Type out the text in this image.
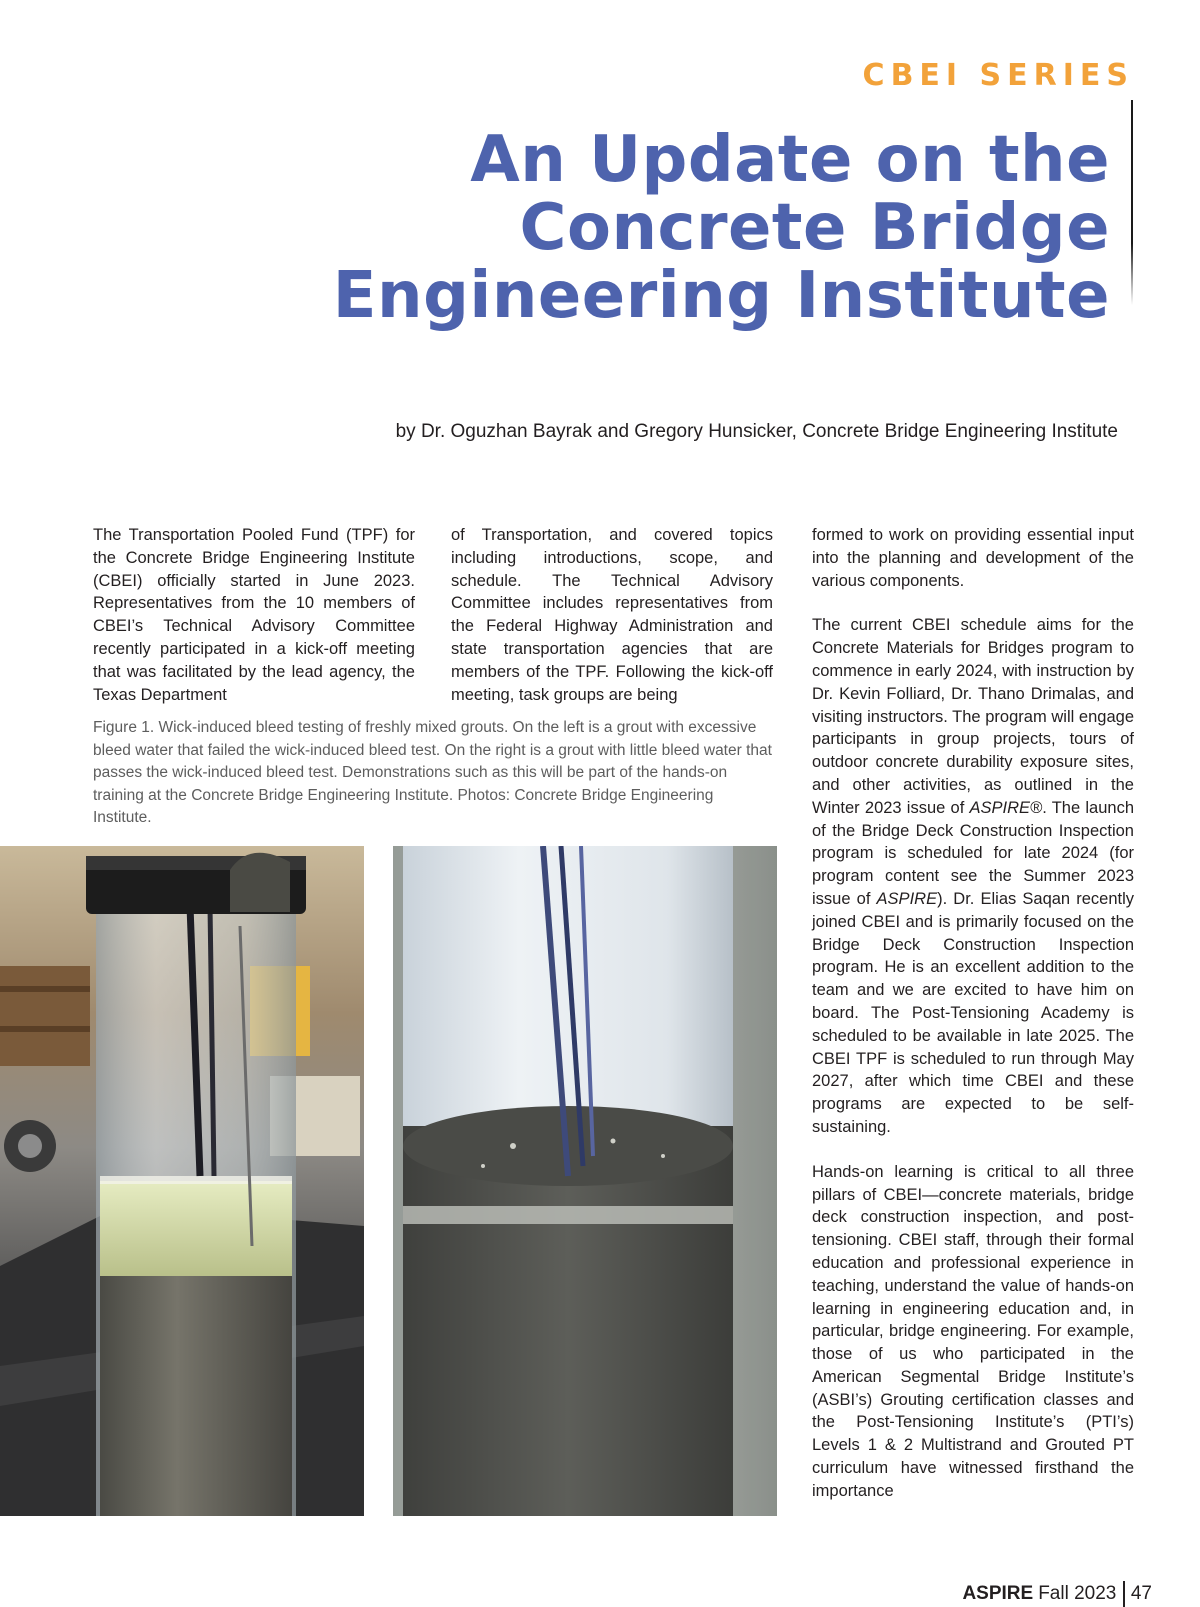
CBEI SERIES
An Update on the
Concrete Bridge
Engineering Institute
by Dr. Oguzhan Bayrak and Gregory Hunsicker, Concrete Bridge Engineering Institute

The Transportation Pooled Fund (TPF) for the Concrete Bridge Engineering Institute (CBEI) officially started in June 2023. Representatives from the 10 members of CBEI’s Technical Advisory Committee recently participated in a kick-off meeting that was facilitated by the lead agency, the Texas Department

of Transportation, and covered topics including introductions, scope, and schedule. The Technical Advisory Committee includes representatives from the Federal Highway Administration and state transportation agencies that are members of the TPF. Following the kick-off meeting, task groups are being

formed to work on providing essential input into the planning and development of the various components.

The current CBEI schedule aims for the Concrete Materials for Bridges program to commence in early 2024, with instruction by Dr. Kevin Folliard, Dr. Thano Drimalas, and visiting instructors. The program will engage participants in group projects, tours of outdoor concrete durability exposure sites, and other activities, as outlined in the Winter 2023 issue of ASPIRE®. The launch of the Bridge Deck Construction Inspection program is scheduled for late 2024 (for program content see the Summer 2023 issue of ASPIRE). Dr. Elias Saqan recently joined CBEI and is primarily focused on the Bridge Deck Construction Inspection program. He is an excellent addition to the team and we are excited to have him on board. The Post-Tensioning Academy is scheduled to be available in late 2025. The CBEI TPF is scheduled to run through May 2027, after which time CBEI and these programs are expected to be self-sustaining.

Hands-on learning is critical to all three pillars of CBEI—concrete materials, bridge deck construction inspection, and post-tensioning. CBEI staff, through their formal education and professional experience in teaching, understand the value of hands-on learning in engineering education and, in particular, bridge engineering. For example, those of us who participated in the American Segmental Bridge Institute’s (ASBI’s) Grouting certification classes and the Post-Tensioning Institute’s (PTI’s) Levels 1 & 2 Multistrand and Grouted PT curriculum have witnessed firsthand the importance

Figure 1. Wick-induced bleed testing of freshly mixed grouts. On the left is a grout with excessive bleed water that failed the wick-induced bleed test. On the right is a grout with little bleed water that passes the wick-induced bleed test. Demonstrations such as this will be part of the hands-on training at the Concrete Bridge Engineering Institute. Photos: Concrete Bridge Engineering Institute.
ASPIRE Fall 2023 47
